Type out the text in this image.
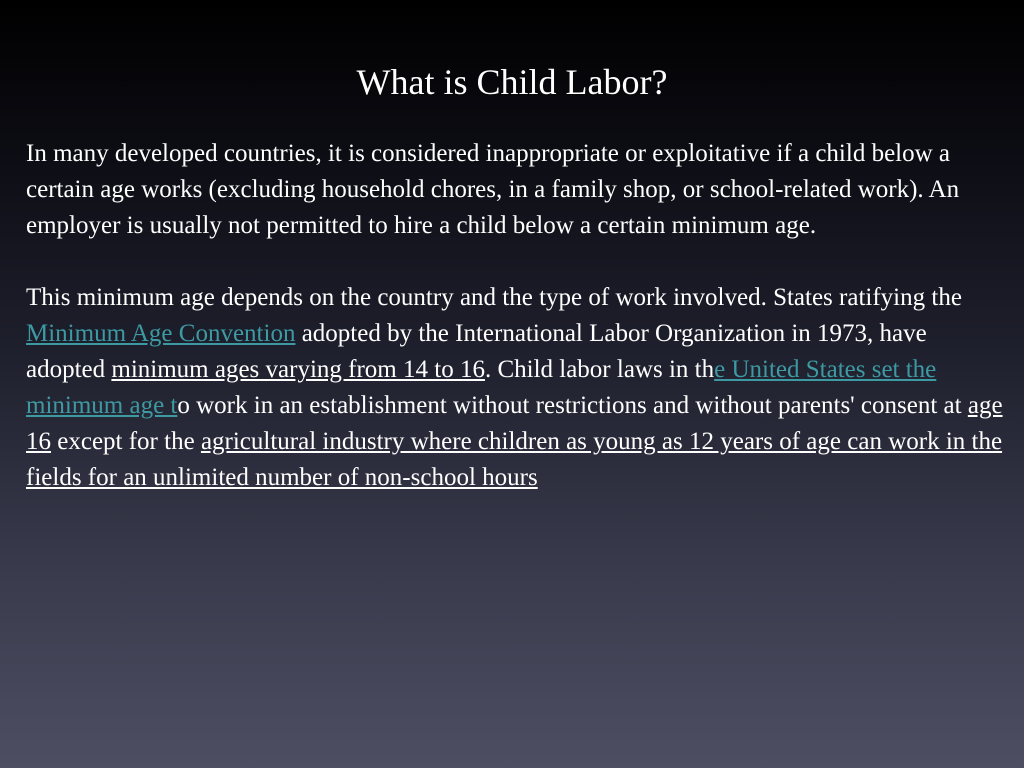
What is Child Labor?

In many developed countries, it is considered inappropriate or exploitative if a child below a certain age works (excluding household chores, in a family shop, or school-related work). An employer is usually not permitted to hire a child below a certain minimum age.

This minimum age depends on the country and the type of work involved. States ratifying the Minimum Age Convention adopted by the International Labor Organization in 1973, have adopted minimum ages varying from 14 to 16. Child labor laws in the United States set the minimum age to work in an establishment without restrictions and without parents' consent at age 16 except for the agricultural industry where children as young as 12 years of age can work in the fields for an unlimited number of non-school hours
